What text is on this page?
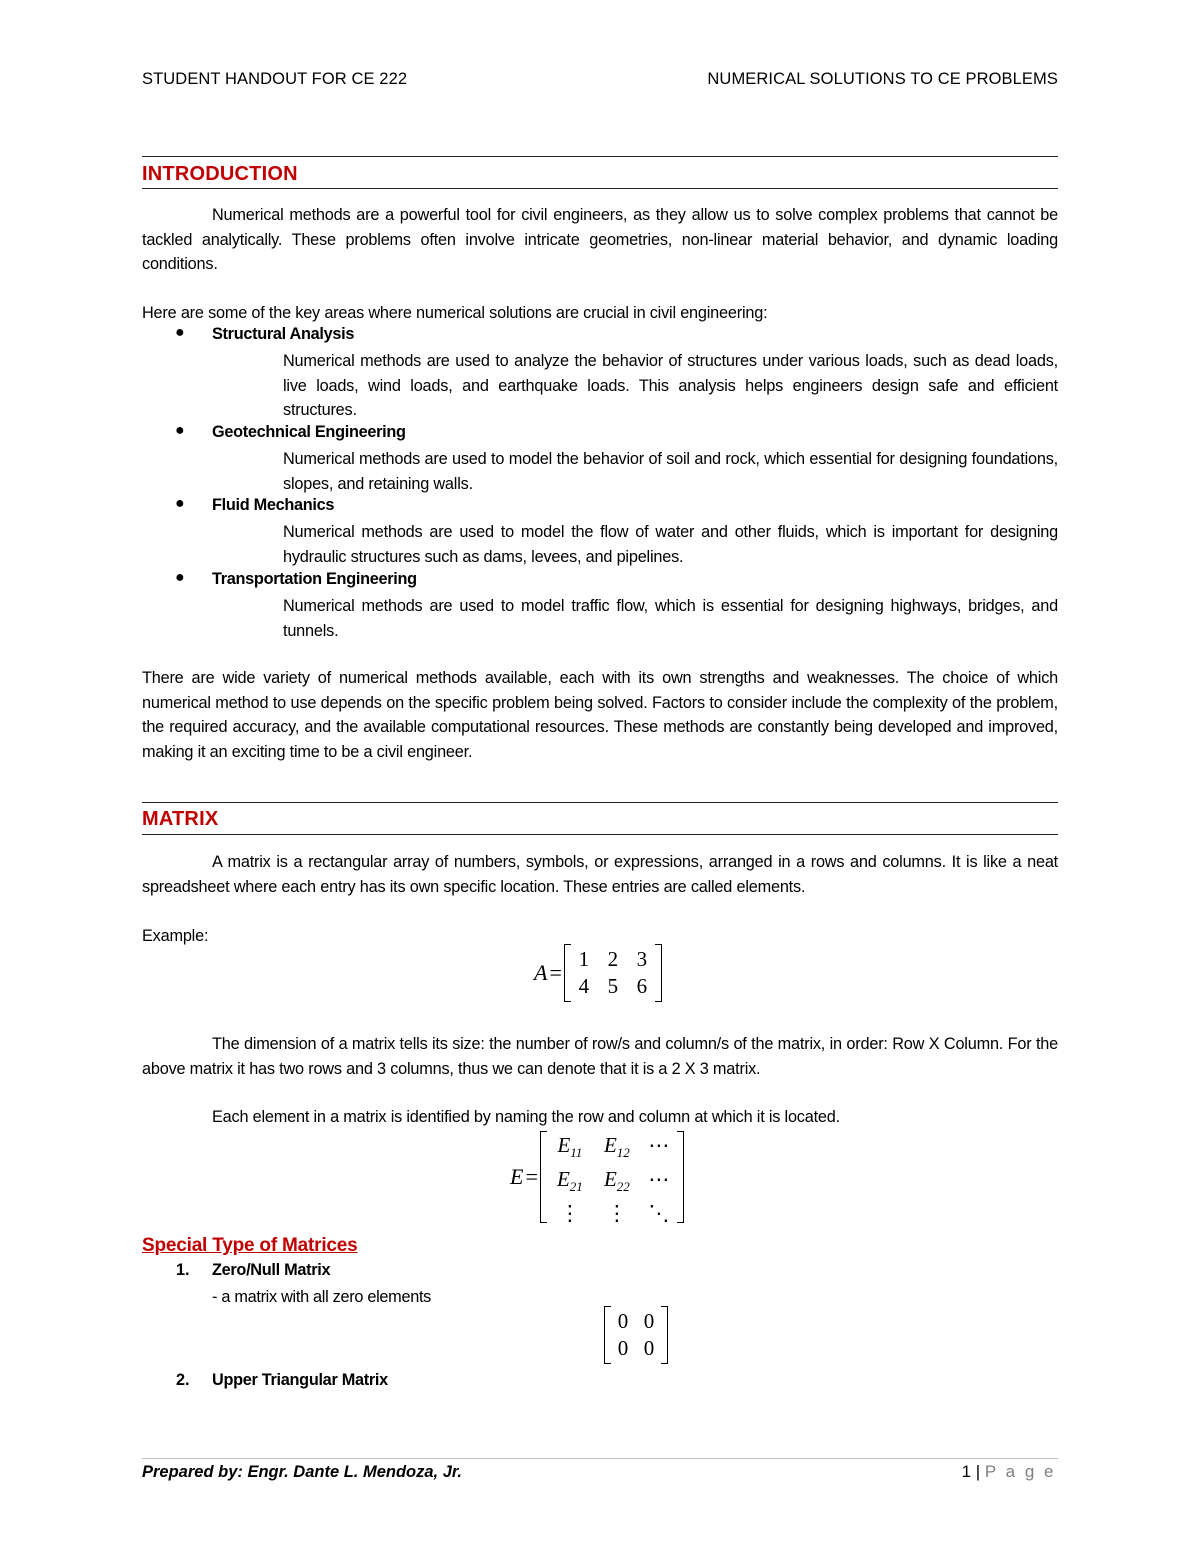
STUDENT HANDOUT FOR CE 222	NUMERICAL SOLUTIONS TO CE PROBLEMS
INTRODUCTION
Numerical methods are a powerful tool for civil engineers, as they allow us to solve complex problems that cannot be tackled analytically. These problems often involve intricate geometries, non-linear material behavior, and dynamic loading conditions.
Here are some of the key areas where numerical solutions are crucial in civil engineering:
● Structural Analysis
Numerical methods are used to analyze the behavior of structures under various loads, such as dead loads, live loads, wind loads, and earthquake loads. This analysis helps engineers design safe and efficient structures.
● Geotechnical Engineering
Numerical methods are used to model the behavior of soil and rock, which essential for designing foundations, slopes, and retaining walls.
● Fluid Mechanics
Numerical methods are used to model the flow of water and other fluids, which is important for designing hydraulic structures such as dams, levees, and pipelines.
● Transportation Engineering
Numerical methods are used to model traffic flow, which is essential for designing highways, bridges, and tunnels.
There are wide variety of numerical methods available, each with its own strengths and weaknesses. The choice of which numerical method to use depends on the specific problem being solved. Factors to consider include the complexity of the problem, the required accuracy, and the available computational resources. These methods are constantly being developed and improved, making it an exciting time to be a civil engineer.
MATRIX
A matrix is a rectangular array of numbers, symbols, or expressions, arranged in a rows and columns. It is like a neat spreadsheet where each entry has its own specific location. These entries are called elements.
Example:
A=
1 2 3
4 5 6
The dimension of a matrix tells its size: the number of row/s and column/s of the matrix, in order: Row X Column. For the above matrix it has two rows and 3 columns, thus we can denote that it is a 2 X 3 matrix.
Each element in a matrix is identified by naming the row and column at which it is located.
E=
$E_{11}$	$E_{12}$ ⋯
$E_{21}$	$E_{22}$ ⋯
⋮	⋮	⋱
Special Type of Matrices
1. Zero/Null Matrix
- a matrix with all zero elements
0 0
0 0
2. Upper Triangular Matrix
Prepared by: Engr. Dante L. Mendoza, Jr.	1 | P a g e
